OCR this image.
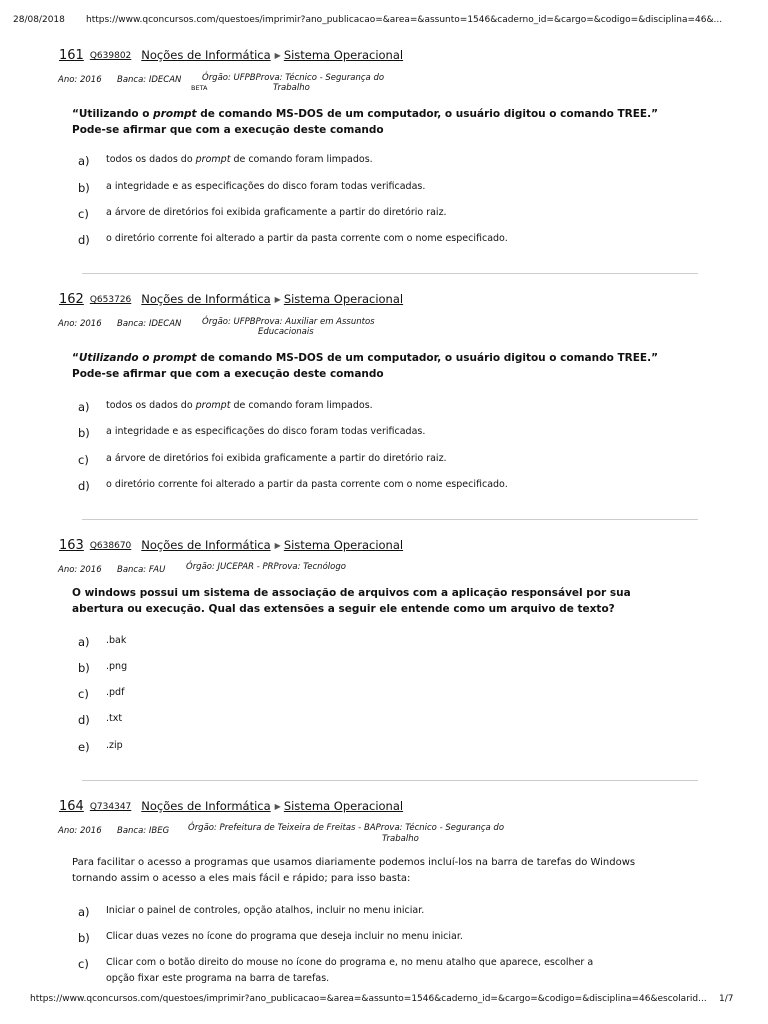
28/08/2018 https://www.qconcursos.com/questoes/imprimir?ano_publicacao=&area=&assunto=1546&caderno_id=&cargo=&codigo=&disciplina=46&...
161 Q639802 Noções de Informática ▶ Sistema Operacional
Ano: 2016 Banca: IDECAN
BETA
Órgão: UFPBProva: Técnico - Segurança do
Trabalho
“Utilizando o prompt de comando MS-DOS de um computador, o usuário digitou o comando TREE.”
Pode-se afirmar que com a execução deste comando
a) todos os dados do prompt de comando foram limpados.
b) a integridade e as especificações do disco foram todas verificadas.
c) a árvore de diretórios foi exibida graficamente a partir do diretório raiz.
d) o diretório corrente foi alterado a partir da pasta corrente com o nome especificado.
162 Q653726 Noções de Informática ▶ Sistema Operacional
Ano: 2016 Banca: IDECAN Órgão: UFPBProva: Auxiliar em Assuntos
Educacionais
“Utilizando o prompt de comando MS-DOS de um computador, o usuário digitou o comando TREE.”
Pode-se afirmar que com a execução deste comando
a) todos os dados do prompt de comando foram limpados.
b) a integridade e as especificações do disco foram todas verificadas.
c) a árvore de diretórios foi exibida graficamente a partir do diretório raiz.
d) o diretório corrente foi alterado a partir da pasta corrente com o nome especificado.
163 Q638670 Noções de Informática ▶ Sistema Operacional
Ano: 2016 Banca: FAU Órgão: JUCEPAR - PRProva: Tecnólogo
O windows possui um sistema de associação de arquivos com a aplicação responsável por sua
abertura ou execução. Qual das extensões a seguir ele entende como um arquivo de texto?
a) .bak
b) .png
c) .pdf
d) .txt
e) .zip
164 Q734347 Noções de Informática ▶ Sistema Operacional
Ano: 2016 Banca: IBEG Órgão: Prefeitura de Teixeira de Freitas - BAProva: Técnico - Segurança do
Trabalho
Para facilitar o acesso a programas que usamos diariamente podemos incluí-los na barra de tarefas do Windows
tornando assim o acesso a eles mais fácil e rápido; para isso basta:
a) Iniciar o painel de controles, opção atalhos, incluir no menu iniciar.
b) Clicar duas vezes no ícone do programa que deseja incluir no menu iniciar.
c) Clicar com o botão direito do mouse no ícone do programa e, no menu atalho que aparece, escolher a
opção fixar este programa na barra de tarefas.
https://www.qconcursos.com/questoes/imprimir?ano_publicacao=&area=&assunto=1546&caderno_id=&cargo=&codigo=&disciplina=46&escolarid... 1/7
